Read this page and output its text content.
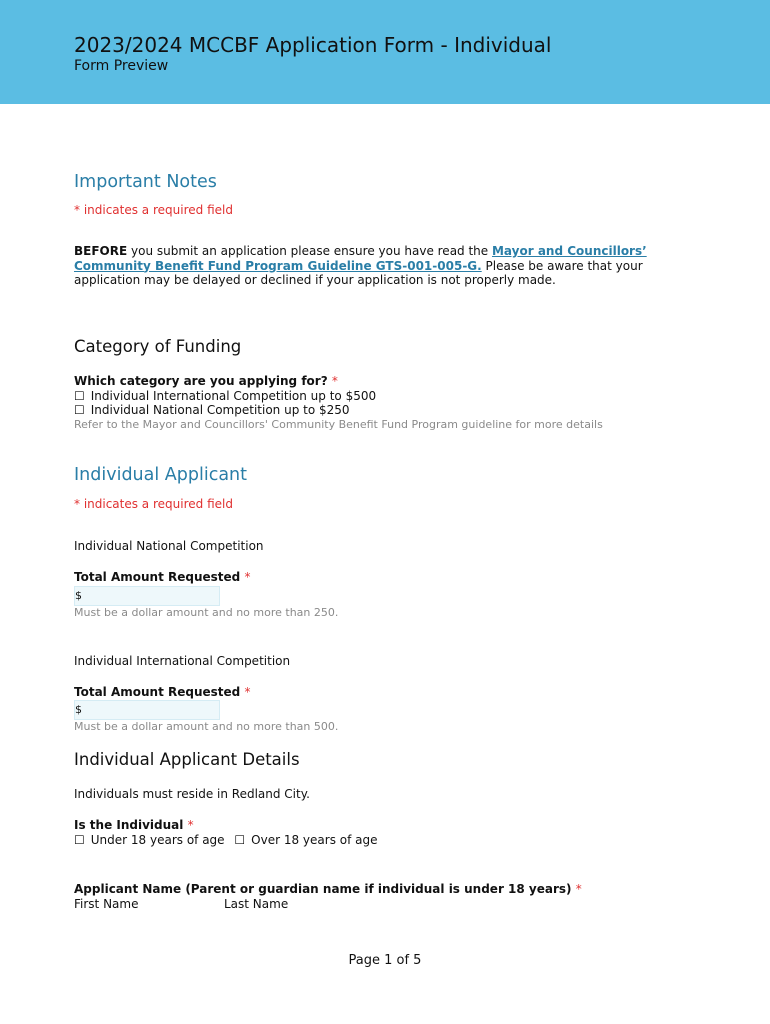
2023/2024 MCCBF Application Form - Individual
Form Preview
Important Notes
* indicates a required field
BEFORE you submit an application please ensure you have read the Mayor and Councillors’ Community Benefit Fund Program Guideline GTS-001-005-G. Please be aware that your application may be delayed or declined if your application is not properly made.
Category of Funding
Which category are you applying for? *
☐ Individual International Competition up to $500
☐ Individual National Competition up to $250
Refer to the Mayor and Councillors' Community Benefit Fund Program guideline for more details
Individual Applicant
* indicates a required field
Individual National Competition
Total Amount Requested *
$
Must be a dollar amount and no more than 250.
Individual International Competition
Total Amount Requested *
$
Must be a dollar amount and no more than 500.
Individual Applicant Details
Individuals must reside in Redland City.
Is the Individual *
☐ Under 18 years of age ☐ Over 18 years of age
Applicant Name (Parent or guardian name if individual is under 18 years) *
First Name	Last Name
Page 1 of 5
